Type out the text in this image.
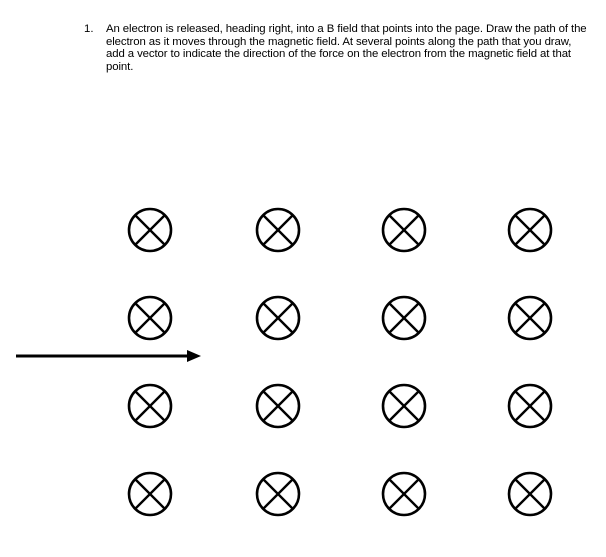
1.	An electron is released, heading right, into a B field that points into the page. Draw the path of the electron as it moves through the magnetic field. At several points along the path that you draw, add a vector to indicate the direction of the force on the electron from the magnetic field at that point.
